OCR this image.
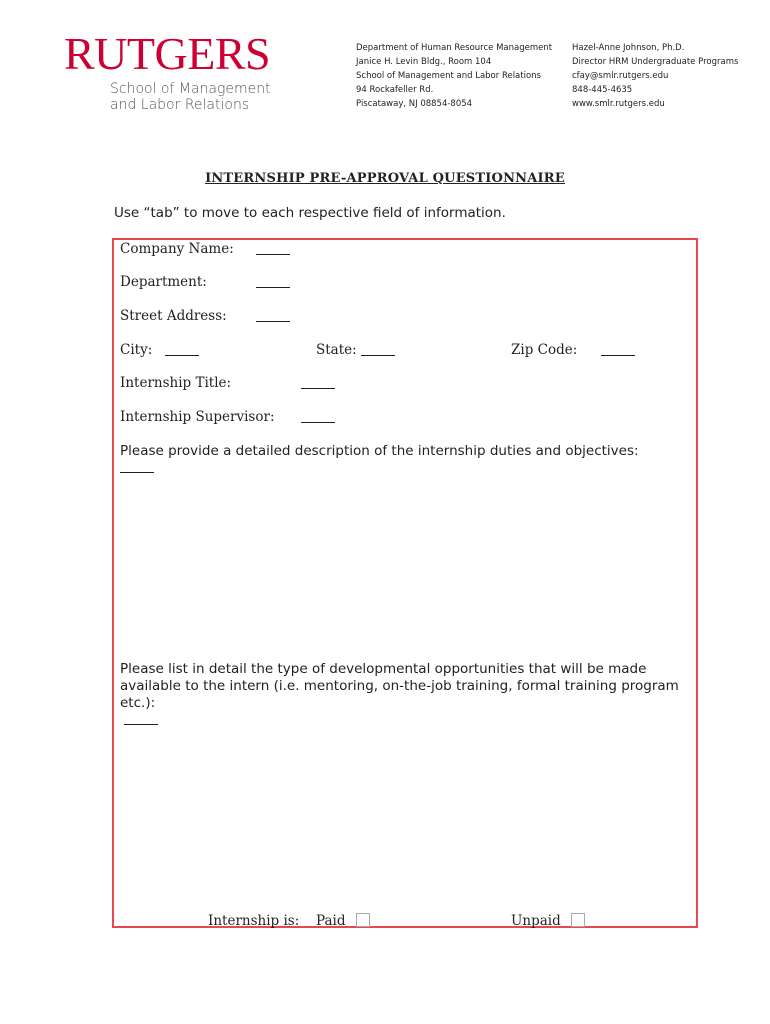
RUTGERS
School of Management
and Labor Relations
Department of Human Resource Management
Janice H. Levin Bldg., Room 104
School of Management and Labor Relations
94 Rockafeller Rd.
Piscataway, NJ 08854-8054
Hazel-Anne Johnson, Ph.D.
Director HRM Undergraduate Programs
cfay@smlr.rutgers.edu
848-445-4635
www.smlr.rutgers.edu
INTERNSHIP PRE-APPROVAL QUESTIONNAIRE
Use “tab” to move to each respective field of information.
Company Name:
Department:
Street Address:
City:	State:	Zip Code:
Internship Title:
Internship Supervisor:
Please provide a detailed description of the internship duties and objectives:
Please list in detail the type of developmental opportunities that will be made available to the intern (i.e. mentoring, on-the-job training, formal training program etc.):
Internship is: Paid	Unpaid
